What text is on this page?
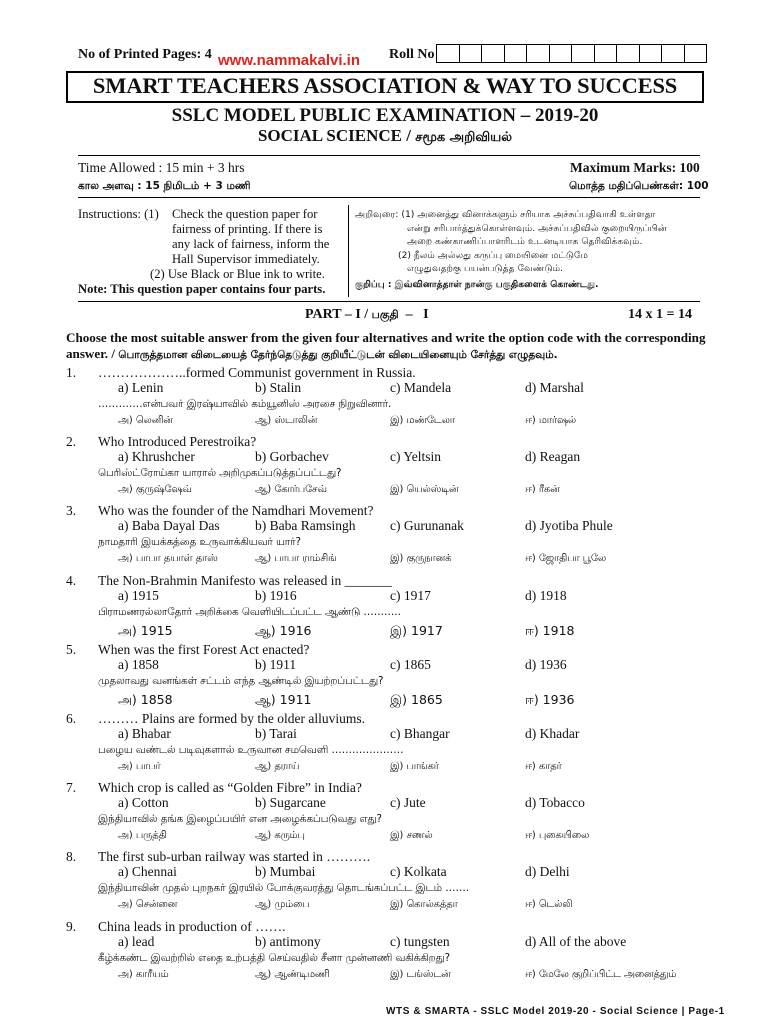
No of Printed Pages: 4 www.nammakalvi.in Roll No
SMART TEACHERS ASSOCIATION & WAY TO SUCCESS
SSLC MODEL PUBLIC EXAMINATION – 2019-20
SOCIAL SCIENCE / சமூக அறிவியல்
Time Allowed : 15 min + 3 hrs
கால அளவு : 15 நிமிடம் + 3 மணி
Maximum Marks: 100
மொத்த மதிப்பெண்கள்: 100
Instructions: (1)	Check the question paper for
fairness of printing. If there is
any lack of fairness, inform the
Hall Supervisor immediately.
(2) Use Black or Blue ink to write.
Note: This question paper contains four parts.
அறிவுரை: (1) அனைத்து வினாக்களும் சரியாக அச்சுப்பதிவாகி உள்ளதா
என்று சரிபார்த்துக்கொள்ளவும். அச்சுப்பதிவில் குறையிருப்பின்
அறை கண்காணிப்பாளரிடம் உடனடியாக தெரிவிக்கவும்.
(2) நீலம் அல்லது கருப்பு மையினை மட்டுமே
எழுதுவதற்கு பயன்படுத்த வேண்டும்.
குறிப்பு : இவ்வினாத்தாள் நான்கு பகுதிகளைக் கொண்டது.
PART – I / பகுதி  –   I	14 x 1 = 14
Choose the most suitable answer from the given four alternatives and write the option code with the corresponding answer. / பொருத்தமான விடையைத் தேர்ந்தெடுத்து குறியீட்டுடன் விடையினையும் சேர்த்து எழுதவும்.
1. ………………..formed Communist government in Russia.
a) Lenin	b) Stalin	c) Mandela	d) Marshal
………….என்பவர் இரஷ்யாவில் கம்யூனிஸ் அரசை நிறுவினார்.
அ) லெனின்	ஆ) ஸ்டாலின்	இ) மண்டேலா	ஈ) மார்ஷல்
2. Who Introduced Perestroika?
a) Khrushcher	b) Gorbachev	c) Yeltsin	d) Reagan
பெரிஸ்ட்ரோய்கா யாரால் அறிமுகப்படுத்தப்பட்டது?
அ) குருஷ்ஷேவ்	ஆ) கோர்பசேவ்	இ) யெல்ஸ்டின்	ஈ) ரீகன்
3. Who was the founder of the Namdhari Movement?
a) Baba Dayal Das	b) Baba Ramsingh	c) Gurunanak	d) Jyotiba Phule
நாமதாரி இயக்கத்தை உருவாக்கியவர் யார்?
அ) பாபா தயாள் தாஸ்	ஆ) பாபா ராம்சிங்	இ) குருநானக்	ஈ) ஜோதிபா பூலே
4. The Non-Brahmin Manifesto was released in _______
a) 1915	b) 1916	c) 1917	d) 1918
பிராமணரல்லாதோர் அறிக்கை வெளியிடப்பட்ட ஆண்டு ………..
அ) 1915	ஆ) 1916	இ) 1917	ஈ) 1918
5. When was the first Forest Act enacted?
a) 1858	b) 1911	c) 1865	d) 1936
முதலாவது வனங்கள் சட்டம் எந்த ஆண்டில் இயற்றப்பட்டது?
அ) 1858	ஆ) 1911	இ) 1865	ஈ) 1936
6. ……… Plains are formed by the older alluviums.
a) Bhabar	b) Tarai	c) Bhangar	d) Khadar
பழைய வண்டல் படிவுகளால் உருவான சமவெளி …………………
அ) பாபர்	ஆ) தராய்	இ) பாங்கர்	ஈ) காதர்
7. Which crop is called as “Golden Fibre” in India?
a) Cotton	b) Sugarcane	c) Jute	d) Tobacco
இந்தியாவில் தங்க இழைப்பயிர் என அழைக்கப்படுவது எது?
அ) பருத்தி	ஆ) கரும்பு	இ) சணல்	ஈ) புகையிலை
8. The first sub-urban railway was started in ……….
a) Chennai	b) Mumbai	c) Kolkata	d) Delhi
இந்தியாவின் முதல் புறநகர் இரயில் போக்குவரத்து தொடங்கப்பட்ட இடம் …….
அ) சென்னை	ஆ) மும்பை	இ) கொல்கத்தா	ஈ) டெல்லி
9. China leads in production of …….
a) lead	b) antimony	c) tungsten	d) All of the above
கீழ்க்கண்ட இவற்றில் எதை உற்பத்தி செய்வதில் சீனா முன்னணி வகிக்கிறது?
அ) காரீயம்	ஆ) ஆண்டிமணி	இ) டங்ஸ்டன்	ஈ) மேலே குறிப்பிட்ட அனைத்தும்
WTS & SMARTA - SSLC Model 2019-20 - Social Science | Page-1
